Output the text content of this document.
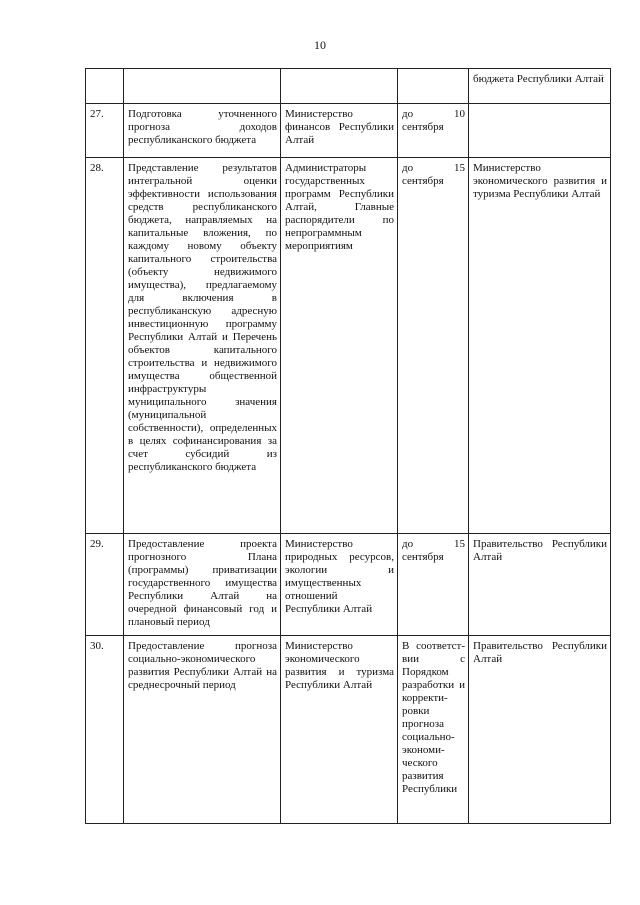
10
				бюджета Республики Алтай
27.	Подготовка уточненного прогноза доходов республиканского бюджета	Министерство финансов Республики Алтай	до 10 сентября	
28.	Представление результатов интегральной оценки эффективности использования средств республиканского бюджета, направляемых на капитальные вложения, по каждому новому объекту капитального строительства (объекту недвижимого имущества), предлагаемому для включения в республиканскую адресную инвестиционную программу Республики Алтай и Перечень объектов капитального строительства и недвижимого имущества общественной инфраструктуры муниципального значения (муниципальной собственности), определенных в целях софинансирования за счет субсидий из республиканского бюджета	Администраторы государственных программ Республики Алтай, Главные распорядители по непрограммным мероприятиям	до 15 сентября	Министерство экономического развития и туризма Республики Алтай
29.	Предоставление проекта прогнозного Плана (программы) приватизации государственного имущества Республики Алтай на очередной финансовый год и плановый период	Министерство природных ресурсов, экологии и имущественных отношений Республики Алтай	до 15 сентября	Правительство Республики Алтай
30.	Предоставление прогноза социально-экономического развития Республики Алтай на среднесрочный период	Министерство экономического развития и туризма Республики Алтай	В соответст-вии с Порядком разработки и корректи-ровки прогноза социально-экономи-ческого развития Республики	Правительство Республики Алтай
